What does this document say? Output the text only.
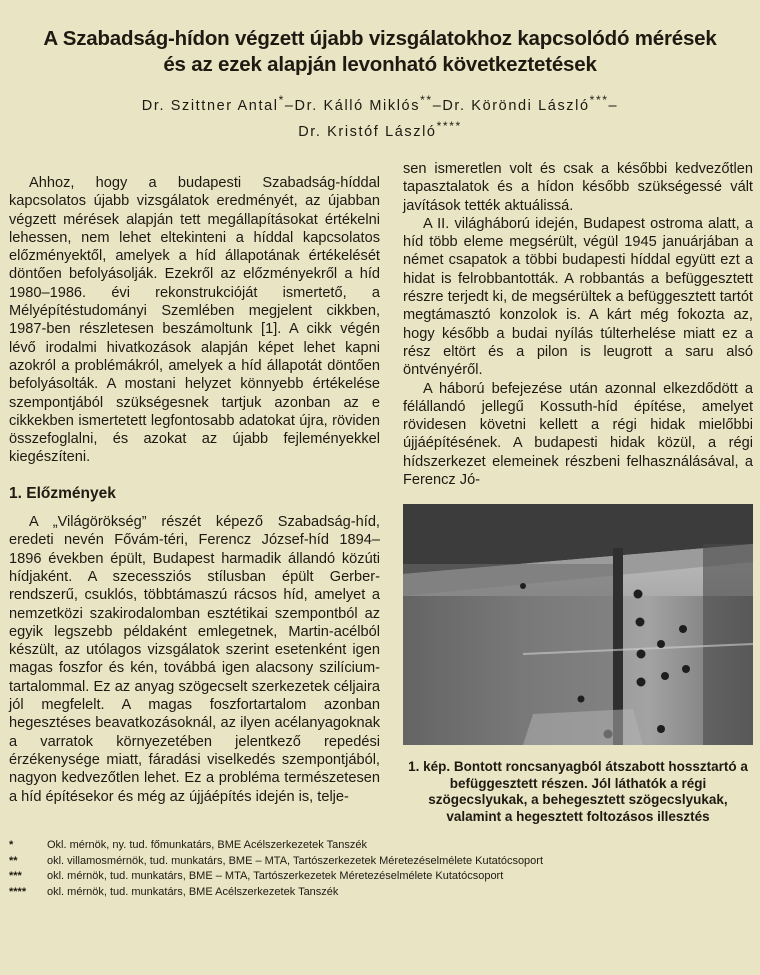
A Szabadság-hídon végzett újabb vizsgálatokhoz kapcsolódó mérések
és az ezek alapján levonható következtetések
Dr. Szittner Antal*–Dr. Kálló Miklós**–Dr. Köröndi László***–
Dr. Kristóf László****

Ahhoz, hogy a budapesti Szabadság-híddal kapcsolatos újabb vizsgálatok eredményét, az újabban végzett mérések alapján tett megállapításokat értékelni lehessen, nem lehet eltekinteni a híddal kapcsolatos előzményektől, amelyek a híd állapotának értékelését döntően befolyásolják. Ezekről az előzményekről a híd 1980–1986. évi rekonstrukcióját ismertető, a Mélyépítéstudományi Szemlében megjelent cikkben, 1987-ben részletesen beszámoltunk [1]. A cikk végén lévő irodalmi hivatkozások alapján képet lehet kapni azokról a problémákról, amelyek a híd állapotát döntően befolyásolták. A mostani helyzet könnyebb értékelése szempontjából szükségesnek tartjuk azonban az e cikkekben ismertetett legfontosabb adatokat újra, röviden összefoglalni, és azokat az újabb fejleményekkel kiegészíteni.

1. Előzmények

A „Világörökség” részét képező Szabadság-híd, eredeti nevén Fővám-téri, Ferencz József-híd 1894–1896 években épült, Budapest harmadik állandó közúti hídjaként. A szecessziós stílusban épült Gerber-rendszerű, csuklós, többtámaszú rácsos híd, amelyet a nemzetközi szakirodalomban esztétikai szempontból az egyik legszebb példaként emlegetnek, Martin-acélból készült, az utólagos vizsgálatok szerint esetenként igen magas foszfor és kén, továbbá igen alacsony szilícium-tartalommal. Ez az anyag szögecselt szerkezetek céljaira jól megfelelt. A magas foszfortartalom azonban hegesztéses beavatkozásoknál, az ilyen acélanyagoknak a varratok környezetében jelentkező repedési érzékenysége miatt, fáradási viselkedés szempontjából, nagyon kedvezőtlen lehet. Ez a probléma természetesen a híd építésekor és még az újjáépítés idején is, telje-

sen ismeretlen volt és csak a későbbi kedvezőtlen tapasztalatok és a hídon később szükségessé vált javítások tették aktuálissá.

A II. világháború idején, Budapest ostroma alatt, a híd több eleme megsérült, végül 1945 januárjában a német csapatok a többi budapesti híddal együtt ezt a hidat is felrobbantották. A robbantás a befüggesztett részre terjedt ki, de megsérültek a befüggesztett tartót megtámasztó konzolok is. A kárt még fokozta az, hogy később a budai nyílás túlterhelése miatt ez a rész eltört és a pilon is leugrott a saru alsó öntvényéről.

A háború befejezése után azonnal elkezdődött a félállandó jellegű Kossuth-híd építése, amelyet rövidesen követni kellett a régi hidak mielőbbi újjáépítésének. A budapesti hidak közül, a régi hídszerkezet elemeinek részbeni felhasználásával, a Ferencz Jó-

1. kép. Bontott roncsanyagból átszabott hossztartó a befüggesztett részen. Jól láthatók a régi szögecslyukak, a behegesztett szögecslyukak, valamint a hegesztett foltozásos illesztés
*	Okl. mérnök, ny. tud. főmunkatárs, BME Acélszerkezetek Tanszék
**	okl. villamosmérnök, tud. munkatárs, BME – MTA, Tartószerkezetek Méretezéselmélete Kutatócsoport
*** okl. mérnök, tud. munkatárs, BME – MTA, Tartószerkezetek Méretezéselmélete Kutatócsoport
**** okl. mérnök, tud. munkatárs, BME Acélszerkezetek Tanszék
